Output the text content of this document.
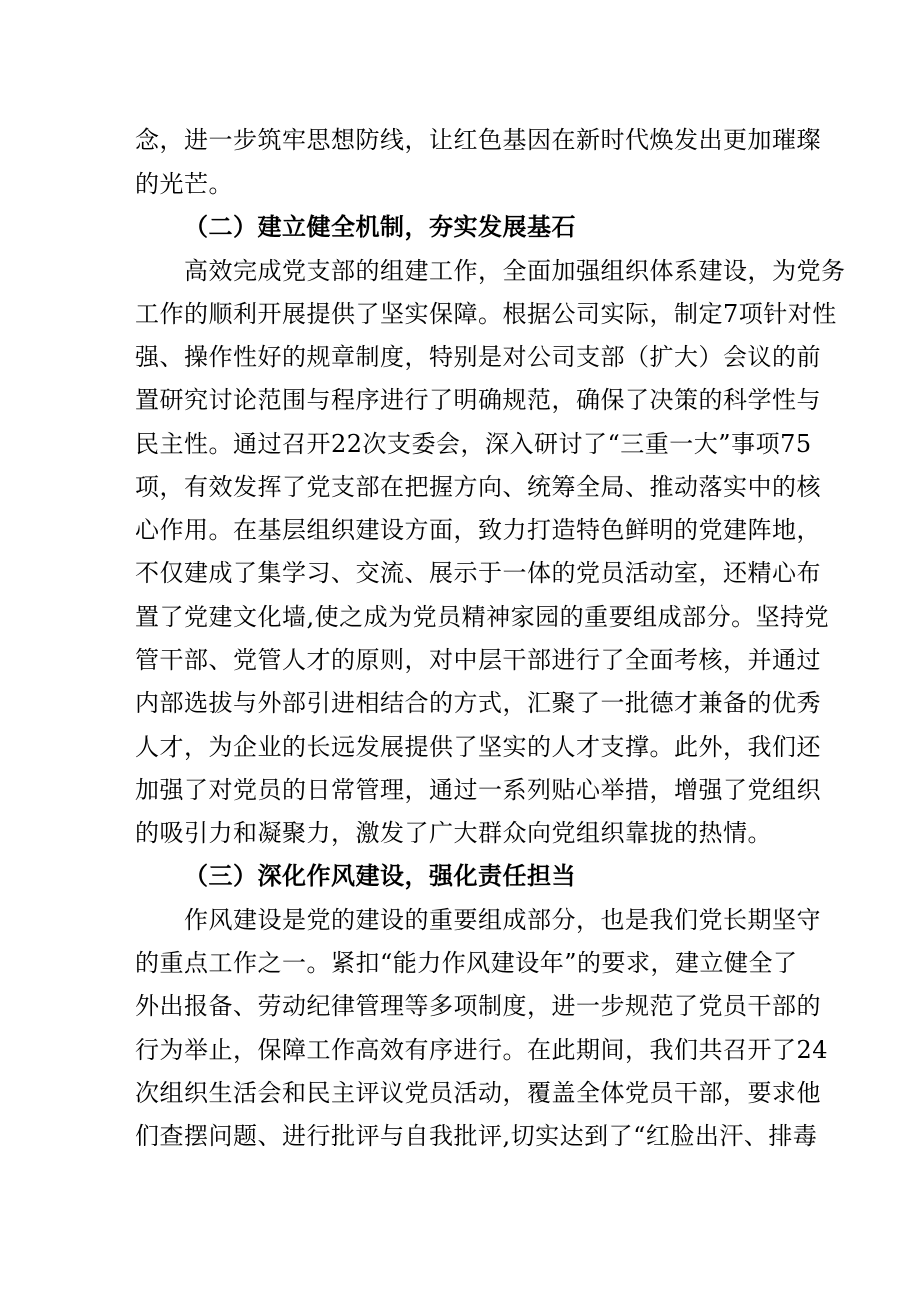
念，进一步筑牢思想防线，让红色基因在新时代焕发出更加璀璨
的光芒。
（二）建立健全机制，夯实发展基石
高效完成党支部的组建工作，全面加强组织体系建设，为党务
工作的顺利开展提供了坚实保障。根据公司实际，制定7项针对性
强、操作性好的规章制度，特别是对公司支部（扩大）会议的前
置研究讨论范围与程序进行了明确规范，确保了决策的科学性与
民主性。通过召开22次支委会，深入研讨了“三重一大”事项75
项，有效发挥了党支部在把握方向、统筹全局、推动落实中的核
心作用。在基层组织建设方面，致力打造特色鲜明的党建阵地，
不仅建成了集学习、交流、展示于一体的党员活动室，还精心布
置了党建文化墙,使之成为党员精神家园的重要组成部分。坚持党
管干部、党管人才的原则，对中层干部进行了全面考核，并通过
内部选拔与外部引进相结合的方式，汇聚了一批德才兼备的优秀
人才，为企业的长远发展提供了坚实的人才支撑。此外，我们还
加强了对党员的日常管理，通过一系列贴心举措，增强了党组织
的吸引力和凝聚力，激发了广大群众向党组织靠拢的热情。
（三）深化作风建设，强化责任担当
作风建设是党的建设的重要组成部分，也是我们党长期坚守
的重点工作之一。紧扣“能力作风建设年”的要求，建立健全了
外出报备、劳动纪律管理等多项制度，进一步规范了党员干部的
行为举止，保障工作高效有序进行。在此期间，我们共召开了24
次组织生活会和民主评议党员活动，覆盖全体党员干部，要求他
们查摆问题、进行批评与自我批评,切实达到了“红脸出汗、排毒
